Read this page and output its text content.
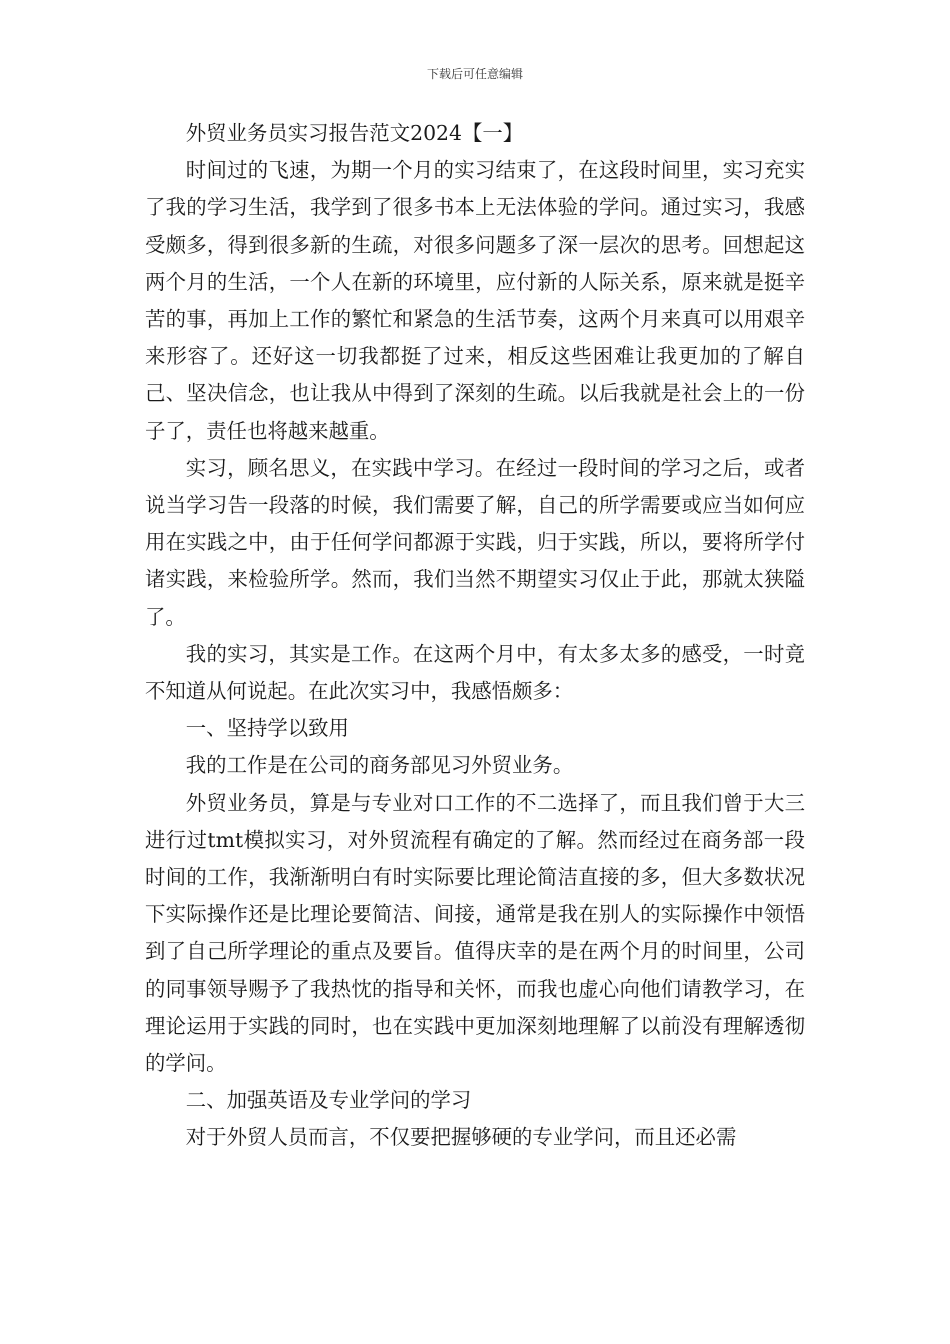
下载后可任意编辑

外贸业务员实习报告范文2024【一】

时间过的飞速，为期一个月的实习结束了，在这段时间里，实习充实了我的学习生活，我学到了很多书本上无法体验的学问。通过实习，我感受颇多，得到很多新的生疏，对很多问题多了深一层次的思考。回想起这两个月的生活，一个人在新的环境里，应付新的人际关系，原来就是挺辛苦的事，再加上工作的繁忙和紧急的生活节奏，这两个月来真可以用艰辛来形容了。还好这一切我都挺了过来，相反这些困难让我更加的了解自己、坚决信念，也让我从中得到了深刻的生疏。以后我就是社会上的一份子了，责任也将越来越重。

实习，顾名思义，在实践中学习。在经过一段时间的学习之后，或者说当学习告一段落的时候，我们需要了解，自己的所学需要或应当如何应用在实践之中，由于任何学问都源于实践，归于实践，所以，要将所学付诸实践，来检验所学。然而，我们当然不期望实习仅止于此，那就太狭隘了。

我的实习，其实是工作。在这两个月中，有太多太多的感受，一时竟不知道从何说起。在此次实习中，我感悟颇多：

一、坚持学以致用

我的工作是在公司的商务部见习外贸业务。

外贸业务员，算是与专业对口工作的不二选择了，而且我们曾于大三进行过tmt模拟实习，对外贸流程有确定的了解。然而经过在商务部一段时间的工作，我渐渐明白有时实际要比理论简洁直接的多，但大多数状况下实际操作还是比理论要简洁、间接，通常是我在别人的实际操作中领悟到了自己所学理论的重点及要旨。值得庆幸的是在两个月的时间里，公司的同事领导赐予了我热忱的指导和关怀，而我也虚心向他们请教学习，在理论运用于实践的同时，也在实践中更加深刻地理解了以前没有理解透彻的学问。

二、加强英语及专业学问的学习

对于外贸人员而言，不仅要把握够硬的专业学问，而且还必需
